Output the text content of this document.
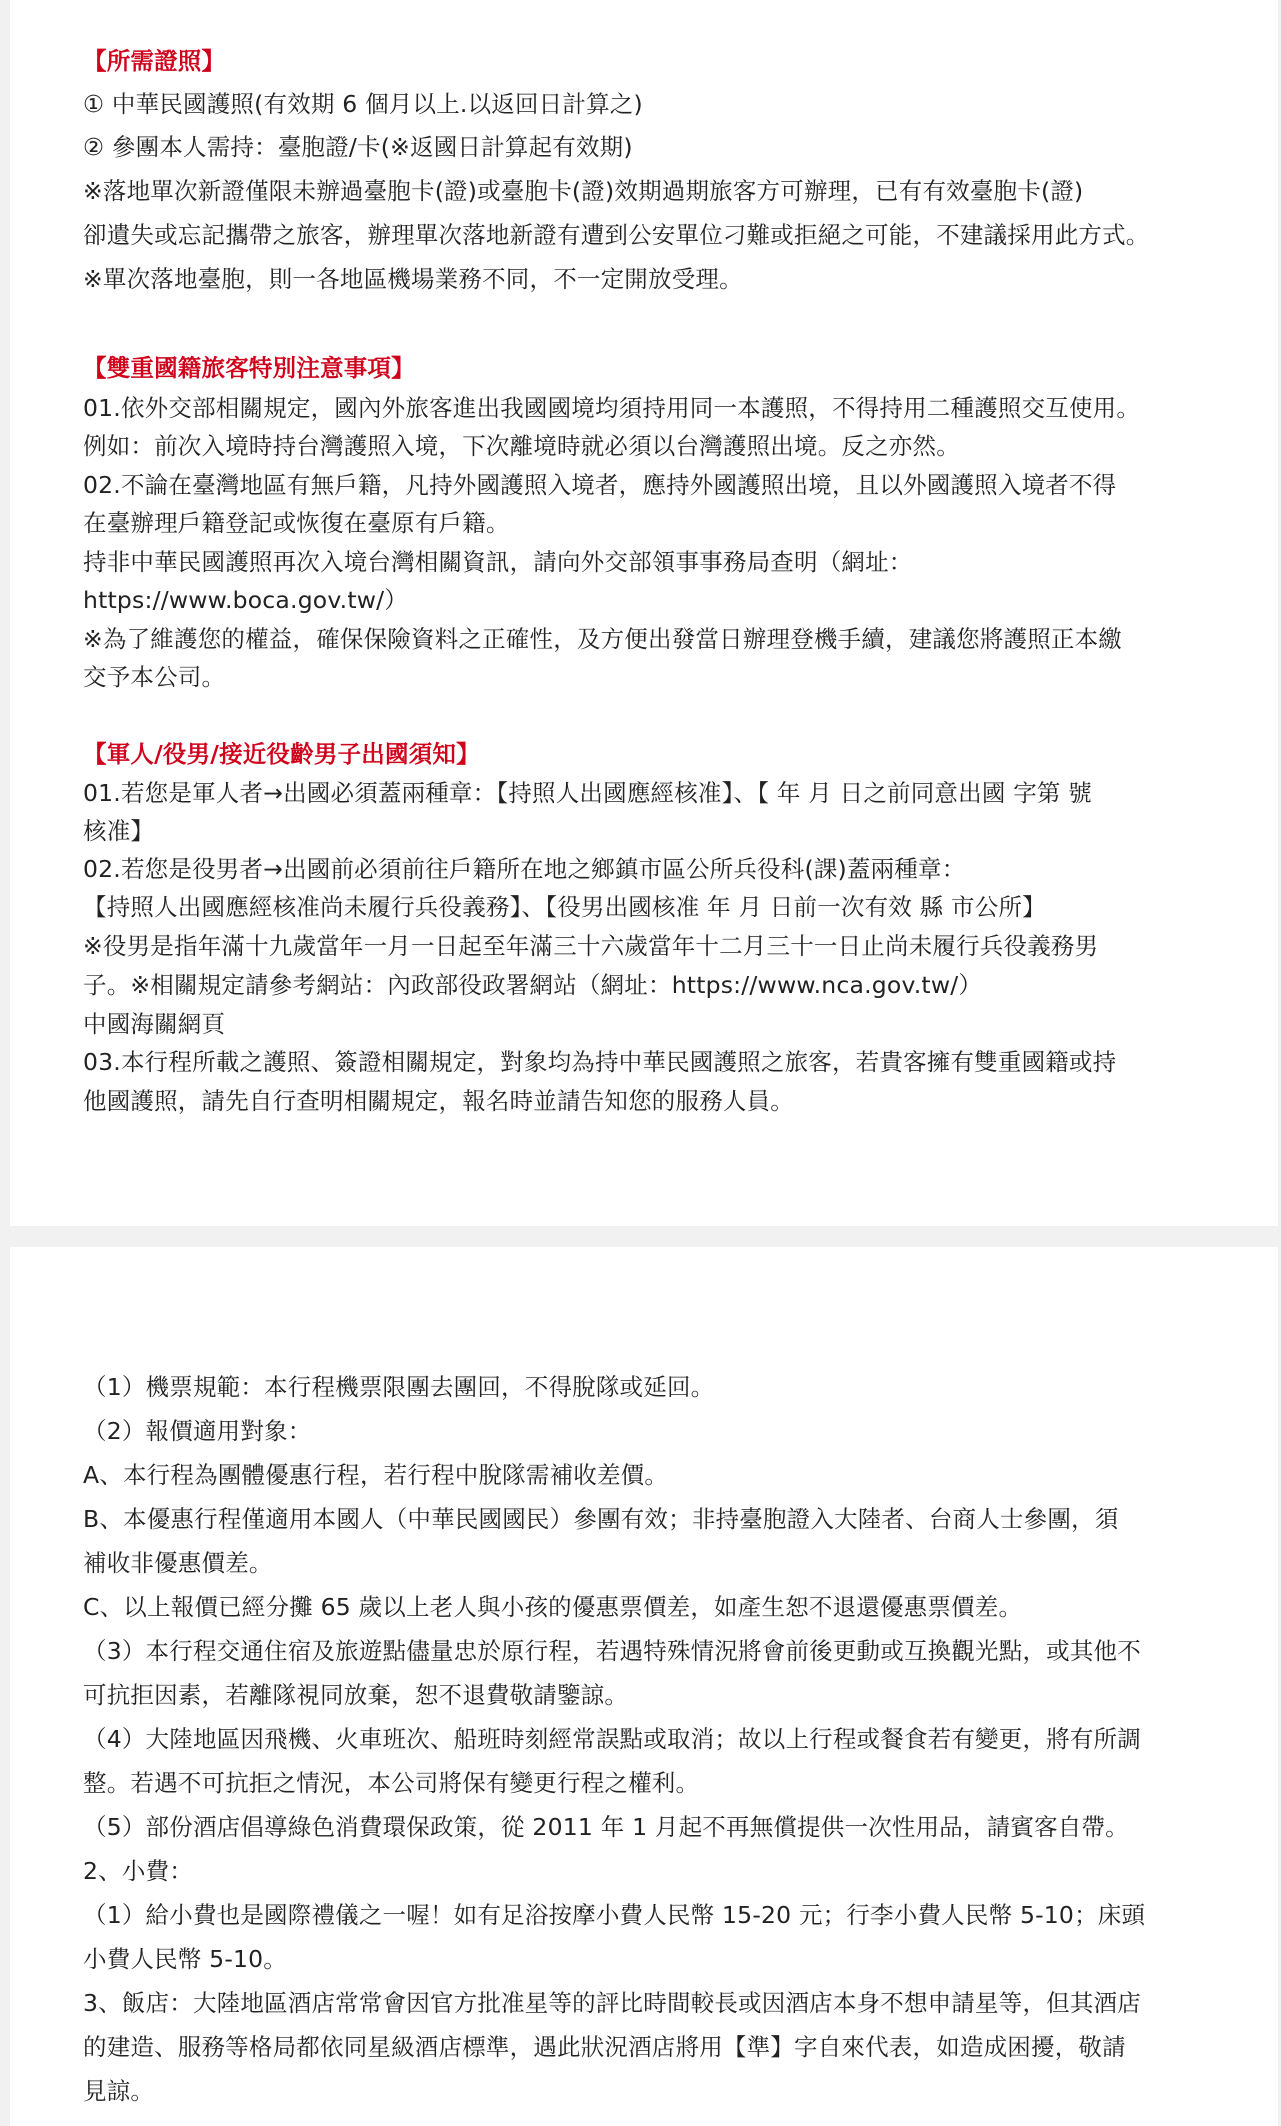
【所需證照】
① 中華民國護照(有效期 6 個月以上.以返回日計算之)
② 參團本人需持：臺胞證/卡(※返國日計算起有效期)
※落地單次新證僅限未辦過臺胞卡(證)或臺胞卡(證)效期過期旅客方可辦理，已有有效臺胞卡(證)
卻遺失或忘記攜帶之旅客，辦理單次落地新證有遭到公安單位刁難或拒絕之可能，不建議採用此方式。
※單次落地臺胞，則一各地區機場業務不同，不一定開放受理。
【雙重國籍旅客特別注意事項】
01.依外交部相關規定，國內外旅客進出我國國境均須持用同一本護照，不得持用二種護照交互使用。
例如：前次入境時持台灣護照入境，下次離境時就必須以台灣護照出境。反之亦然。
02.不論在臺灣地區有無戶籍，凡持外國護照入境者，應持外國護照出境，且以外國護照入境者不得
在臺辦理戶籍登記或恢復在臺原有戶籍。
持非中華民國護照再次入境台灣相關資訊，請向外交部領事事務局查明（網址：
https://www.boca.gov.tw/）
※為了維護您的權益，確保保險資料之正確性，及方便出發當日辦理登機手續，建議您將護照正本繳
交予本公司。
【軍人/役男/接近役齡男子出國須知】
01.若您是軍人者→出國必須蓋兩種章：【持照人出國應經核准】、【 年 月 日之前同意出國 字第 號
核准】
02.若您是役男者→出國前必須前往戶籍所在地之鄉鎮市區公所兵役科(課)蓋兩種章：
【持照人出國應經核准尚未履行兵役義務】、【役男出國核准 年 月 日前一次有效 縣 市公所】
※役男是指年滿十九歲當年一月一日起至年滿三十六歲當年十二月三十一日止尚未履行兵役義務男
子。※相關規定請參考網站：內政部役政署網站（網址：https://www.nca.gov.tw/）
中國海關網頁
03.本行程所載之護照、簽證相關規定，對象均為持中華民國護照之旅客，若貴客擁有雙重國籍或持
他國護照，請先自行查明相關規定，報名時並請告知您的服務人員。
（1）機票規範：本行程機票限團去團回，不得脫隊或延回。
（2）報價適用對象：
A、本行程為團體優惠行程，若行程中脫隊需補收差價。
B、本優惠行程僅適用本國人（中華民國國民）參團有效；非持臺胞證入大陸者、台商人士參團，須
補收非優惠價差。
C、以上報價已經分攤 65 歲以上老人與小孩的優惠票價差，如產生恕不退還優惠票價差。
（3）本行程交通住宿及旅遊點儘量忠於原行程，若遇特殊情況將會前後更動或互換觀光點，或其他不
可抗拒因素，若離隊視同放棄，恕不退費敬請鑒諒。
（4）大陸地區因飛機、火車班次、船班時刻經常誤點或取消；故以上行程或餐食若有變更，將有所調
整。若遇不可抗拒之情況，本公司將保有變更行程之權利。
（5）部份酒店倡導綠色消費環保政策，從 2011 年 1 月起不再無償提供一次性用品，請賓客自帶。
2、小費：
（1）給小費也是國際禮儀之一喔！如有足浴按摩小費人民幣 15-20 元；行李小費人民幣 5-10；床頭
小費人民幣 5-10。
3、飯店：大陸地區酒店常常會因官方批准星等的評比時間較長或因酒店本身不想申請星等，但其酒店
的建造、服務等格局都依同星級酒店標準，遇此狀況酒店將用【準】字自來代表，如造成困擾，敬請
見諒。
